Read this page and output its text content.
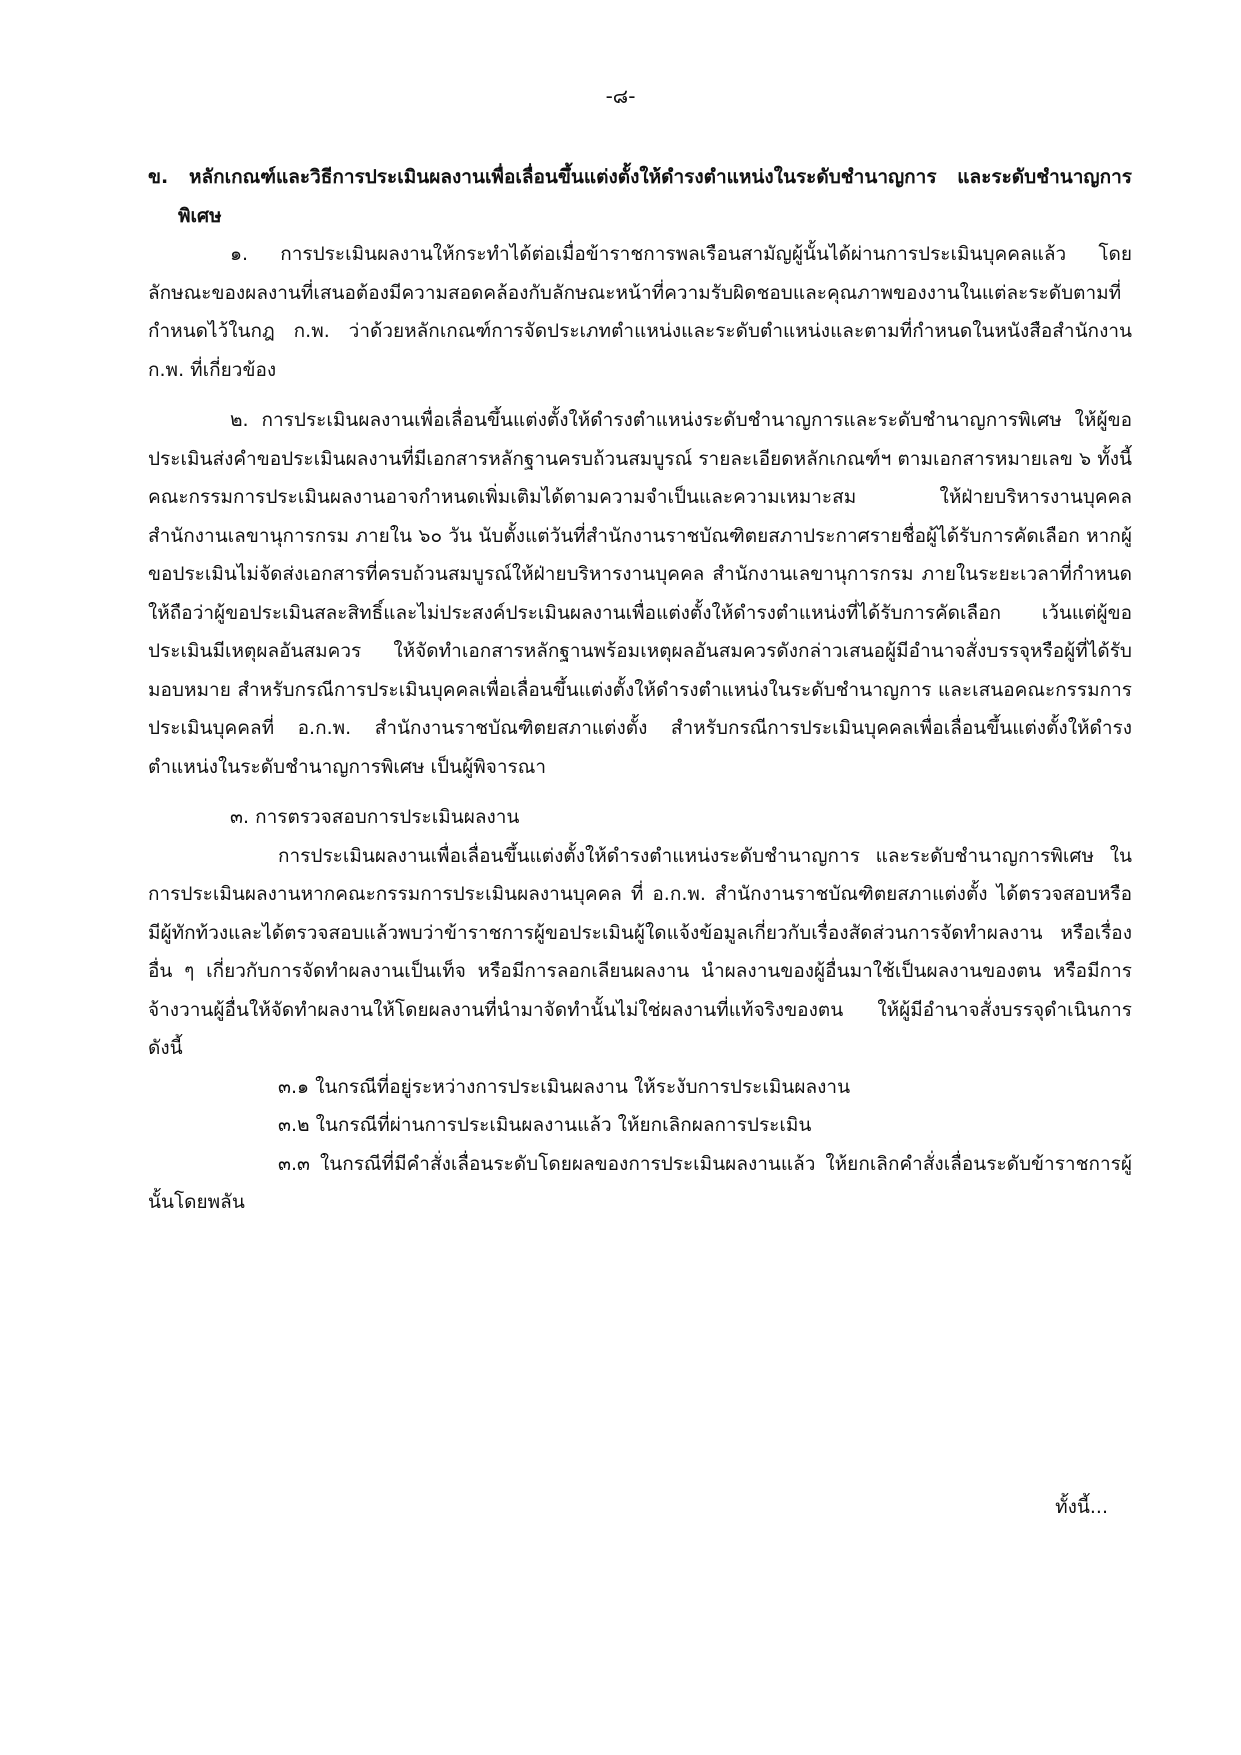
-๘-

ข. หลักเกณฑ์และวิธีการประเมินผลงานเพื่อเลื่อนขึ้นแต่งตั้งให้ดำรงตำแหน่งในระดับชำนาญการ และระดับชำนาญการพิเศษ

๑. การประเมินผลงานให้กระทำได้ต่อเมื่อข้าราชการพลเรือนสามัญผู้นั้นได้ผ่านการประเมินบุคคลแล้ว โดยลักษณะของผลงานที่เสนอต้องมีความสอดคล้องกับลักษณะหน้าที่ความรับผิดชอบและคุณภาพของงานในแต่ละระดับตามที่กำหนดไว้ในกฎ ก.พ. ว่าด้วยหลักเกณฑ์การจัดประเภทตำแหน่งและระดับตำแหน่งและตามที่กำหนดในหนังสือสำนักงาน ก.พ. ที่เกี่ยวข้อง

๒. การประเมินผลงานเพื่อเลื่อนขึ้นแต่งตั้งให้ดำรงตำแหน่งระดับชำนาญการและระดับชำนาญการพิเศษ ให้ผู้ขอประเมินส่งคำขอประเมินผลงานที่มีเอกสารหลักฐานครบถ้วนสมบูรณ์ รายละเอียดหลักเกณฑ์ฯ ตามเอกสารหมายเลข ๖ ทั้งนี้ คณะกรรมการประเมินผลงานอาจกำหนดเพิ่มเติมได้ตามความจำเป็นและความเหมาะสม ให้ฝ่ายบริหารงานบุคคล สำนักงานเลขานุการกรม ภายใน ๖๐ วัน นับตั้งแต่วันที่สำนักงานราชบัณฑิตยสภาประกาศรายชื่อผู้ได้รับการคัดเลือก หากผู้ขอประเมินไม่จัดส่งเอกสารที่ครบถ้วนสมบูรณ์ให้ฝ่ายบริหารงานบุคคล สำนักงานเลขานุการกรม ภายในระยะเวลาที่กำหนด ให้ถือว่าผู้ขอประเมินสละสิทธิ์และไม่ประสงค์ประเมินผลงานเพื่อแต่งตั้งให้ดำรงตำแหน่งที่ได้รับการคัดเลือก เว้นแต่ผู้ขอประเมินมีเหตุผลอันสมควร ให้จัดทำเอกสารหลักฐานพร้อมเหตุผลอันสมควรดังกล่าวเสนอผู้มีอำนาจสั่งบรรจุหรือผู้ที่ได้รับมอบหมาย สำหรับกรณีการประเมินบุคคลเพื่อเลื่อนขึ้นแต่งตั้งให้ดำรงตำแหน่งในระดับชำนาญการ และเสนอคณะกรรมการประเมินบุคคลที่ อ.ก.พ. สำนักงานราชบัณฑิตยสภาแต่งตั้ง สำหรับกรณีการประเมินบุคคลเพื่อเลื่อนขึ้นแต่งตั้งให้ดำรงตำแหน่งในระดับชำนาญการพิเศษ เป็นผู้พิจารณา

๓. การตรวจสอบการประเมินผลงาน

การประเมินผลงานเพื่อเลื่อนขึ้นแต่งตั้งให้ดำรงตำแหน่งระดับชำนาญการ และระดับชำนาญการพิเศษ ในการประเมินผลงานหากคณะกรรมการประเมินผลงานบุคคล ที่ อ.ก.พ. สำนักงานราชบัณฑิตยสภาแต่งตั้ง ได้ตรวจสอบหรือมีผู้ทักท้วงและได้ตรวจสอบแล้วพบว่าข้าราชการผู้ขอประเมินผู้ใดแจ้งข้อมูลเกี่ยวกับเรื่องสัดส่วนการจัดทำผลงาน หรือเรื่องอื่น ๆ เกี่ยวกับการจัดทำผลงานเป็นเท็จ หรือมีการลอกเลียนผลงาน นำผลงานของผู้อื่นมาใช้เป็นผลงานของตน หรือมีการจ้างวานผู้อื่นให้จัดทำผลงานให้โดยผลงานที่นำมาจัดทำนั้นไม่ใช่ผลงานที่แท้จริงของตน ให้ผู้มีอำนาจสั่งบรรจุดำเนินการดังนี้

๓.๑ ในกรณีที่อยู่ระหว่างการประเมินผลงาน ให้ระงับการประเมินผลงาน

๓.๒ ในกรณีที่ผ่านการประเมินผลงานแล้ว ให้ยกเลิกผลการประเมิน

๓.๓ ในกรณีที่มีคำสั่งเลื่อนระดับโดยผลของการประเมินผลงานแล้ว ให้ยกเลิกคำสั่งเลื่อนระดับข้าราชการผู้นั้นโดยพลัน

ทั้งนี้...
